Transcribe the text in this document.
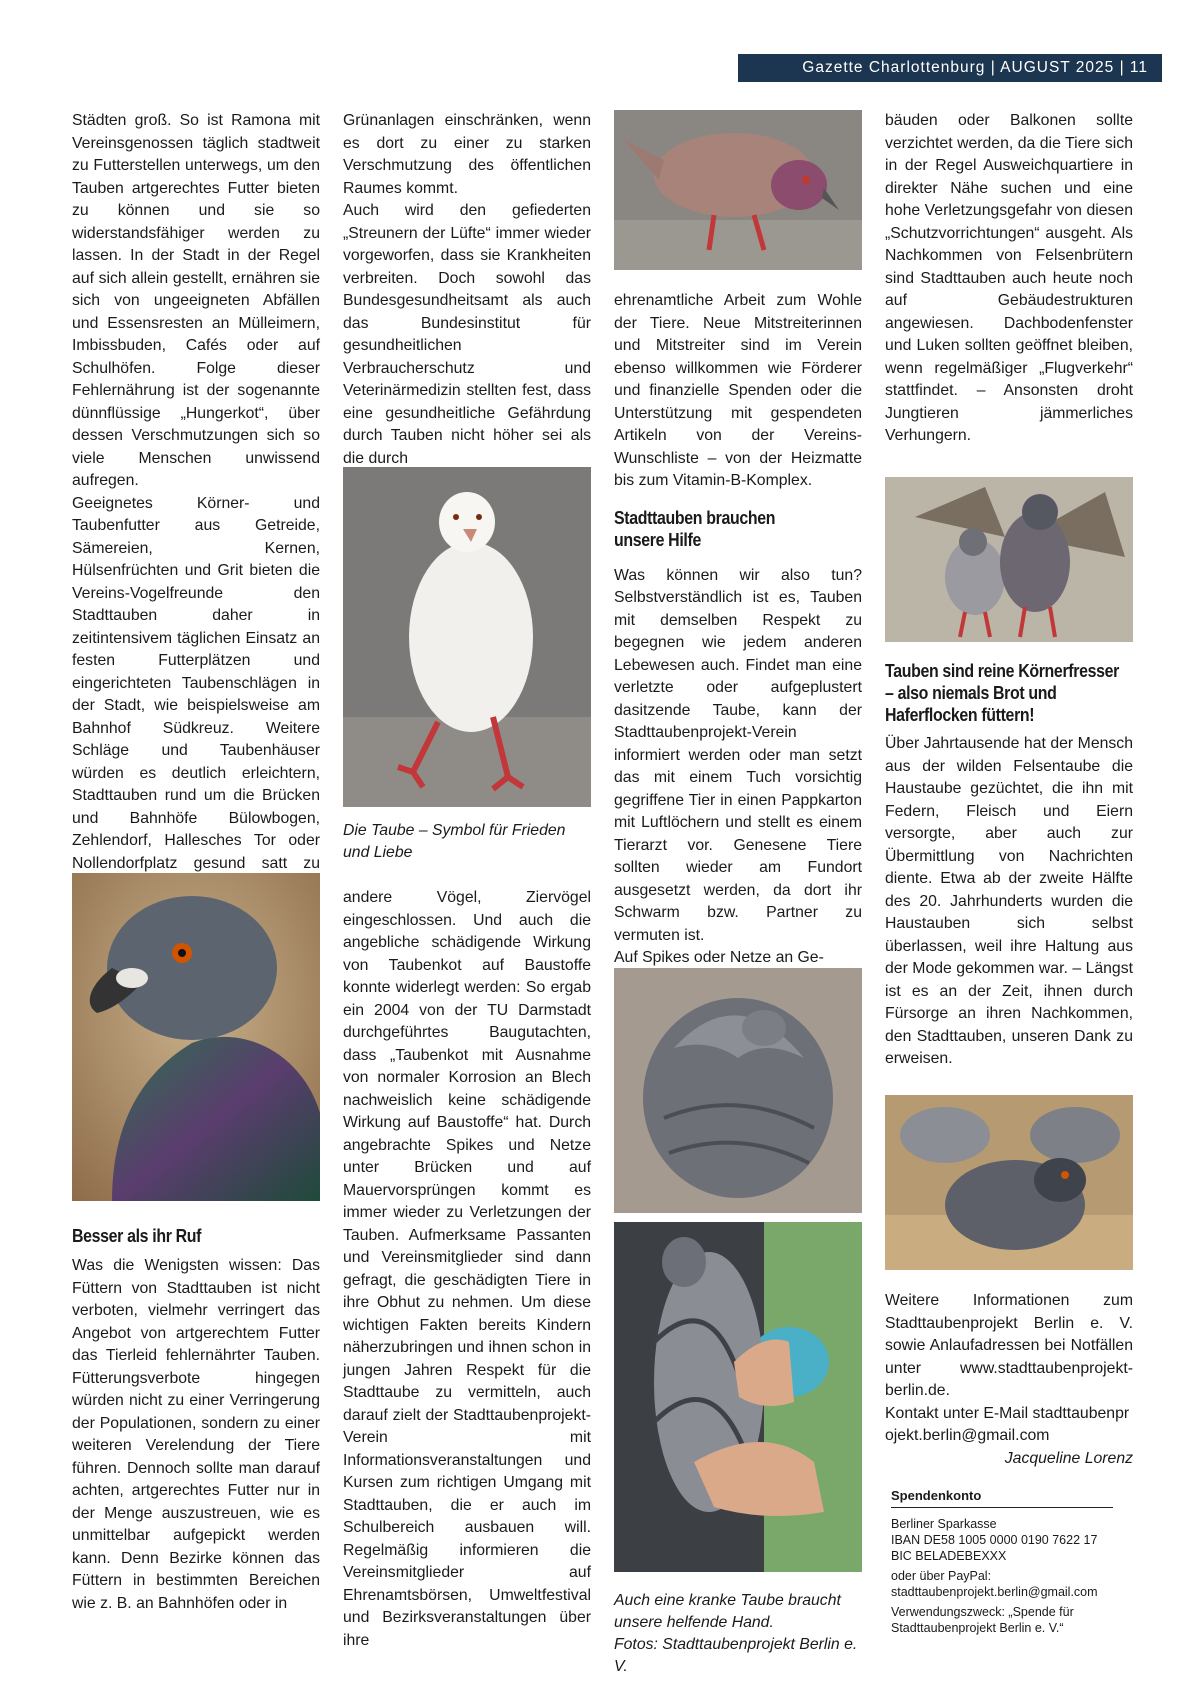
Gazette Charlottenburg | AUGUST 2025 | 11

Städten groß. So ist Ramona mit Vereinsgenossen täglich stadtweit zu Futterstellen unterwegs, um den Tauben artgerechtes Futter bieten zu können und sie so widerstandsfähiger werden zu lassen. In der Stadt in der Regel auf sich allein gestellt, ernähren sie sich von ungeeigneten Abfällen und Essensresten an Mülleimern, Imbissbuden, Cafés oder auf Schulhöfen. Folge dieser Fehlernährung ist der sogenannte dünnflüssige „Hungerkot“, über dessen Verschmutzungen sich so viele Menschen unwissend aufregen.

Geeignetes Körner- und Taubenfutter aus Getreide, Sämereien, Kernen, Hülsenfrüchten und Grit bieten die Vereins-Vogelfreunde den Stadttauben daher in zeitintensivem täglichen Einsatz an festen Futterplätzen und eingerichteten Taubenschlägen in der Stadt, wie beispielsweise am Bahnhof Südkreuz. Weitere Schläge und Taubenhäuser würden es deutlich erleichtern, Stadttauben rund um die Brücken und Bahnhöfe Bülowbogen, Zehlendorf, Hallesches Tor oder Nollendorfplatz gesund satt zu

Besser als ihr Ruf

Was die Wenigsten wissen: Das Füttern von Stadttauben ist nicht verboten, vielmehr verringert das Angebot von artgerechtem Futter das Tierleid fehlernährter Tauben. Fütterungsverbote hingegen würden nicht zu einer Verringerung der Populationen, sondern zu einer weiteren Verelendung der Tiere führen. Dennoch sollte man darauf achten, artgerechtes Futter nur in der Menge auszustreuen, wie es unmittelbar aufgepickt werden kann. Denn Bezirke können das Füttern in bestimmten Bereichen wie z. B. an Bahnhöfen oder in

Grünanlagen einschränken, wenn es dort zu einer zu starken Verschmutzung des öffentlichen Raumes kommt.

Auch wird den gefiederten „Streunern der Lüfte“ immer wieder vorgeworfen, dass sie Krankheiten verbreiten. Doch sowohl das Bundesgesundheitsamt als auch das Bundesinstitut für gesundheitlichen Verbraucherschutz und Veterinärmedizin stellten fest, dass eine gesundheitliche Gefährdung durch Tauben nicht höher sei als die durch

Die Taube – Symbol für Frieden und Liebe

andere Vögel, Ziervögel eingeschlossen. Und auch die angebliche schädigende Wirkung von Taubenkot auf Baustoffe konnte widerlegt werden: So ergab ein 2004 von der TU Darmstadt durchgeführtes Baugutachten, dass „Taubenkot mit Ausnahme von normaler Korrosion an Blech nachweislich keine schädigende Wirkung auf Baustoffe“ hat. Durch angebrachte Spikes und Netze unter Brücken und auf Mauervorsprüngen kommt es immer wieder zu Verletzungen der Tauben. Aufmerksame Passanten und Vereinsmitglieder sind dann gefragt, die geschädigten Tiere in ihre Obhut zu nehmen. Um diese wichtigen Fakten bereits Kindern näherzubringen und ihnen schon in jungen Jahren Respekt für die Stadttaube zu vermitteln, auch darauf zielt der Stadttaubenprojekt-Verein mit Informationsveranstaltungen und Kursen zum richtigen Umgang mit Stadttauben, die er auch im Schulbereich ausbauen will. Regelmäßig informieren die Vereinsmitglieder auf Ehrenamtsbörsen, Umweltfestival und Bezirksveranstaltungen über ihre

ehrenamtliche Arbeit zum Wohle der Tiere. Neue Mitstreiterinnen und Mitstreiter sind im Verein ebenso willkommen wie Förderer und finanzielle Spenden oder die Unterstützung mit gespendeten Artikeln von der Vereins-Wunschliste – von der Heizmatte bis zum Vitamin-B-Komplex.

Stadttauben brauchen
unsere Hilfe

Was können wir also tun? Selbstverständlich ist es, Tauben mit demselben Respekt zu begegnen wie jedem anderen Lebewesen auch. Findet man eine verletzte oder aufgeplustert dasitzende Taube, kann der Stadttaubenprojekt-Verein informiert werden oder man setzt das mit einem Tuch vorsichtig gegriffene Tier in einen Pappkarton mit Luftlöchern und stellt es einem Tierarzt vor. Genesene Tiere sollten wieder am Fundort ausgesetzt werden, da dort ihr Schwarm bzw. Partner zu vermuten ist.

Auf Spikes oder Netze an Ge-

Auch eine kranke Taube braucht
unsere helfende Hand.
Fotos: Stadttaubenprojekt Berlin e. V.

bäuden oder Balkonen sollte verzichtet werden, da die Tiere sich in der Regel Ausweichquartiere in direkter Nähe suchen und eine hohe Verletzungsgefahr von diesen „Schutzvorrichtungen“ ausgeht. Als Nachkommen von Felsenbrütern sind Stadttauben auch heute noch auf Gebäudestrukturen angewiesen. Dachbodenfenster und Luken sollten geöffnet bleiben, wenn regelmäßiger „Flugverkehr“ stattfindet. – Ansonsten droht Jungtieren jämmerliches Verhungern.

Tauben sind reine Körnerfresser
– also niemals Brot und
Haferflocken füttern!

Über Jahrtausende hat der Mensch aus der wilden Felsentaube die Haustaube gezüchtet, die ihn mit Federn, Fleisch und Eiern versorgte, aber auch zur Übermittlung von Nachrichten diente. Etwa ab der zweite Hälfte des 20. Jahrhunderts wurden die Haustauben sich selbst überlassen, weil ihre Haltung aus der Mode gekommen war. – Längst ist es an der Zeit, ihnen durch Fürsorge an ihren Nachkommen, den Stadttauben, unseren Dank zu erweisen.

Weitere Informationen zum Stadttaubenprojekt Berlin e. V. sowie Anlaufadressen bei Notfällen unter www.stadttaubenprojekt-berlin.de.

Kontakt unter E-Mail stadttaubenprojekt.berlin@gmail.com

Jacqueline Lorenz

Spendenkonto

Berliner Sparkasse
IBAN DE58 1005 0000 0190 7622 17
BIC BELADEBEXXX

oder über PayPal:
stadttaubenprojekt.berlin@gmail.com

Verwendungszweck: „Spende für
Stadttaubenprojekt Berlin e. V.“
